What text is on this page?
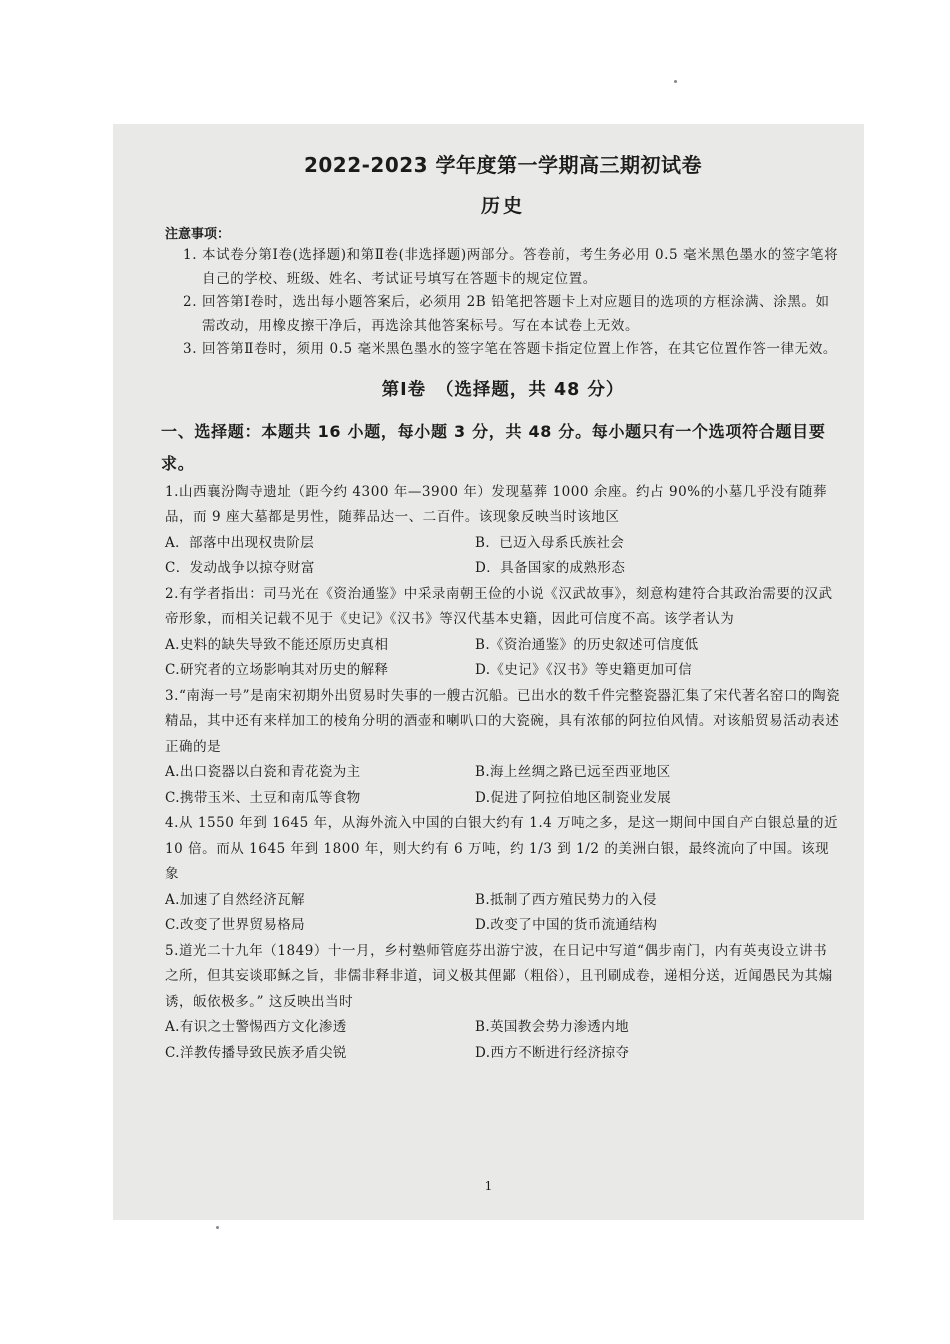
2022-2023 学年度第一学期高三期初试卷
历史
注意事项：
1. 本试卷分第Ⅰ卷(选择题)和第Ⅱ卷(非选择题)两部分。答卷前，考生务必用 0.5 毫米黑色墨水的签字笔将自己的学校、班级、姓名、考试证号填写在答题卡的规定位置。
2. 回答第Ⅰ卷时，选出每小题答案后，必须用 2B 铅笔把答题卡上对应题目的选项的方框涂满、涂黑。如需改动，用橡皮擦干净后，再选涂其他答案标号。写在本试卷上无效。
3. 回答第Ⅱ卷时，须用 0.5 毫米黑色墨水的签字笔在答题卡指定位置上作答，在其它位置作答一律无效。
第Ⅰ卷　（选择题，共 48 分）
一、选择题：本题共 16 小题，每小题 3 分，共 48 分。每小题只有一个选项符合题目要求。
1.山西襄汾陶寺遗址（距今约 4300 年—3900 年）发现墓葬 1000 余座。约占 90%的小墓几乎没有随葬品，而 9 座大墓都是男性，随葬品达一、二百件。该现象反映当时该地区
A．部落中出现权贵阶层	B．已迈入母系氏族社会
C．发动战争以掠夺财富	D．具备国家的成熟形态
2.有学者指出：司马光在《资治通鉴》中采录南朝王俭的小说《汉武故事》，刻意构建符合其政治需要的汉武帝形象，而相关记载不见于《史记》《汉书》等汉代基本史籍，因此可信度不高。该学者认为
A.史料的缺失导致不能还原历史真相	B.《资治通鉴》的历史叙述可信度低
C.研究者的立场影响其对历史的解释	D.《史记》《汉书》等史籍更加可信
3.“南海一号”是南宋初期外出贸易时失事的一艘古沉船。已出水的数千件完整瓷器汇集了宋代著名窑口的陶瓷精品，其中还有来样加工的棱角分明的酒壶和喇叭口的大瓷碗，具有浓郁的阿拉伯风情。对该船贸易活动表述正确的是
A.出口瓷器以白瓷和青花瓷为主	B.海上丝绸之路已远至西亚地区
C.携带玉米、土豆和南瓜等食物	D.促进了阿拉伯地区制瓷业发展
4.从 1550 年到 1645 年，从海外流入中国的白银大约有 1.4 万吨之多，是这一期间中国自产白银总量的近 10 倍。而从 1645 年到 1800 年，则大约有 6 万吨，约 1/3 到 1/2 的美洲白银，最终流向了中国。该现象
A.加速了自然经济瓦解	B.抵制了西方殖民势力的入侵
C.改变了世界贸易格局	D.改变了中国的货币流通结构
5.道光二十九年（1849）十一月，乡村塾师管庭芬出游宁波，在日记中写道“偶步南门，内有英夷设立讲书之所，但其妄谈耶稣之旨，非儒非释非道，词义极其俚鄙（粗俗），且刊刷成卷，递相分送，近闻愚民为其煽诱，皈依极多。” 这反映出当时
A.有识之士警惕西方文化渗透	B.英国教会势力渗透内地
C.洋教传播导致民族矛盾尖锐	D.西方不断进行经济掠夺
1
